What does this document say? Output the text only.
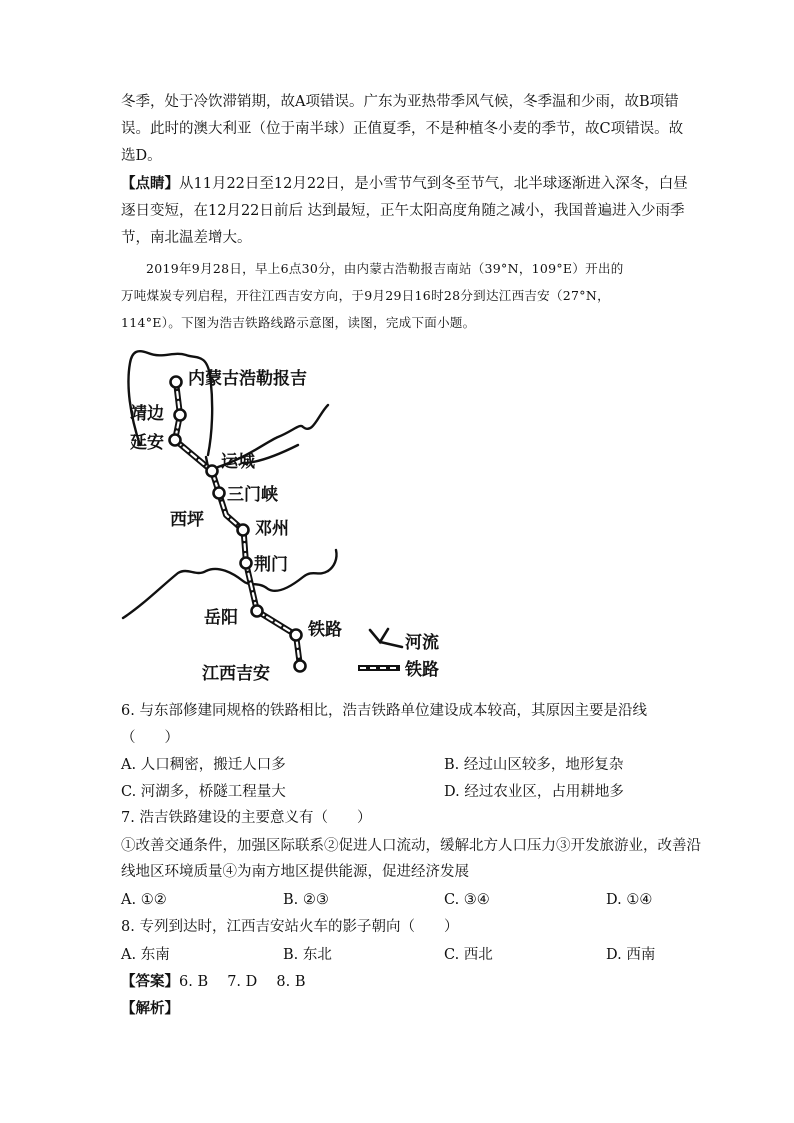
冬季，处于冷饮滞销期，故A项错误。广东为亚热带季风气候，冬季温和少雨，故B项错
误。此时的澳大利亚（位于南半球）正值夏季，不是种植冬小麦的季节，故C项错误。故
选D。
【点睛】从11月22日至12月22日，是小雪节气到冬至节气，北半球逐渐进入深冬，白昼
逐日变短，在12月22日前后 达到最短，正午太阳高度角随之减小，我国普遍进入少雨季
节，南北温差增大。
2019年9月28日，早上6点30分，由内蒙古浩勒报吉南站（39°N，109°E）开出的
万吨煤炭专列启程，开往江西吉安方向，于9月29日16时28分到达江西吉安（27°N，
114°E）。下图为浩吉铁路线路示意图，读图，完成下面小题。
内蒙古浩勒报吉
靖边
延安
运城
三门峡
西坪	邓州
荆门
岳阳
铁路
江西吉安
河流
铁路
6. 与东部修建同规格的铁路相比，浩吉铁路单位建设成本较高，其原因主要是沿线
（　　）
A. 人口稠密，搬迁人口多	B. 经过山区较多，地形复杂
C. 河湖多，桥隧工程量大	D. 经过农业区，占用耕地多
7. 浩吉铁路建设的主要意义有（　　）
①改善交通条件，加强区际联系②促进人口流动，缓解北方人口压力③开发旅游业，改善沿
线地区环境质量④为南方地区提供能源，促进经济发展
A. ①②	B. ②③	C. ③④	D. ①④
8. 专列到达时，江西吉安站火车的影子朝向（　　）
A. 东南	B. 东北	C. 西北	D. 西南
【答案】6. B　 7. D　 8. B
【解析】
